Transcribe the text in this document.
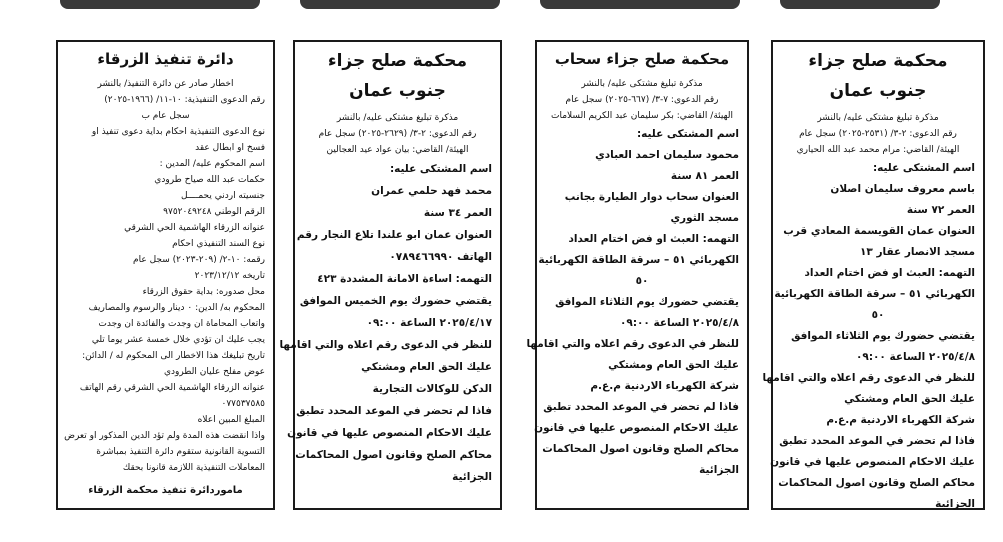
دائرة تنفيذ الزرقاء
اخطار صادر عن دائرة التنفيذ/ بالنشر
رقم الدعوى التنفيذية: ١٠-١١/ (١٩٦٦-٢٠٢٥)
سجل عام ب
نوع الدعوى التنفيذية احكام بداية دعوى تنفيذ او
فسخ او ابطال عقد
اسم المحكوم عليه/ المدين :
حكمات عبد الله صياح طرودي
جنسيته اردني يحمــــل
الرقم الوطني ٩٧٥٢٠٤٩٢٤٨
عنوانه الزرقاء الهاشمية الحي الشرقي
نوع السند التنفيذي احكام
رقمه: ١٠-٢/ (٢٠٩-٢٠٢٣) سجل عام
تاريخه ٢٠٢٣/١٢/١٢
محل صدوره: بداية حقوق الزرقاء
المحكوم به/ الدين: ٠ دينار والرسوم والمصاريف
واتعاب المحاماة ان وجدت والفائدة ان وجدت
يجب عليك ان تؤدي خلال خمسة عشر يوما تلي
تاريخ تبليغك هذا الاخطار الى المحكوم له / الدائن:
عوض مفلح عليان الطرودي
عنوانه الزرقاء الهاشمية الحي الشرقي رقم الهاتف
٠٧٧٥٣٧٥٨٥
المبلغ المبين اعلاه
واذا انقضت هذه المدة ولم تؤد الدين المذكور او تعرض
التسوية القانونية ستقوم دائرة التنفيذ بمباشرة
المعاملات التنفيذية اللازمة قانونا بحقك
ماموردائرة تنفيذ محكمة الزرقاء
محكمة صلح جزاء
جنوب عمان
مذكرة تبليغ مشتكى عليه/ بالنشر
رقم الدعوى: ٢-٣/ (٢٦٢٩-٢٠٢٥) سجل عام
الهيئة/ القاضي: بيان عواد عيد العجالين
اسم المشتكى عليه:
محمد فهد حلمي عمران
العمر ٣٤ سنة
العنوان عمان ابو علندا تلاع النجار رقم
الهاتف ٠٧٨٩٤٦٦٩٩٠
التهمه: اساءة الامانة المشددة ٤٢٣
يقتضي حضورك يوم الخميس الموافق
٢٠٢٥/٤/١٧ الساعة ٠٩:٠٠
للنظر في الدعوى رقم اعلاه والتي اقامها
عليك الحق العام ومشتكي
الدكن للوكالات التجارية
فاذا لم تحضر في الموعد المحدد تطبق
عليك الاحكام المنصوص عليها في قانون
محاكم الصلح وقانون اصول المحاكمات
الجزائية
محكمة صلح جزاء سحاب
مذكرة تبليغ مشتكى عليه/ بالنشر
رقم الدعوى: ٧-٣/ (٦٦٧-٢٠٢٥) سجل عام
الهيئة/ القاضي: بكر سليمان عبد الكريم السلامات
اسم المشتكى عليه:
محمود سليمان احمد العبادي
العمر ٨١ سنة
العنوان سحاب دوار الطيارة بجانب
مسجد الثوري
التهمه: العبث او فض اختام العداد
الكهربائي ٥١ – سرقة الطاقة الكهربائية
٥٠
يقتضي حضورك يوم الثلاثاء الموافق
٢٠٢٥/٤/٨ الساعة ٠٩:٠٠
للنظر في الدعوى رقم اعلاه والتي اقامها
عليك الحق العام ومشتكي
شركة الكهرباء الاردنية م.ع.م
فاذا لم تحضر في الموعد المحدد تطبق
عليك الاحكام المنصوص عليها في قانون
محاكم الصلح وقانون اصول المحاكمات
الجزائية
محكمة صلح جزاء
جنوب عمان
مذكرة تبليغ مشتكى عليه/ بالنشر
رقم الدعوى: ٢-٣/ (٢٥٣١-٢٠٢٥) سجل عام
الهيئة/ القاضي: مرام محمد عبد الله الحياري
اسم المشتكى عليه:
باسم معروف سليمان اصلان
العمر ٧٢ سنة
العنوان عمان القويسمة المعادي قرب
مسجد الانصار عقار ١٣
التهمه: العبث او فض اختام العداد
الكهربائي ٥١ – سرقة الطاقة الكهربائية
٥٠
يقتضي حضورك يوم الثلاثاء الموافق
٢٠٢٥/٤/٨ الساعة ٠٩:٠٠
للنظر في الدعوى رقم اعلاه والتي اقامها
عليك الحق العام ومشتكي
شركة الكهرباء الاردنية م.ع.م
فاذا لم تحضر في الموعد المحدد تطبق
عليك الاحكام المنصوص عليها في قانون
محاكم الصلح وقانون اصول المحاكمات
الجزائية
